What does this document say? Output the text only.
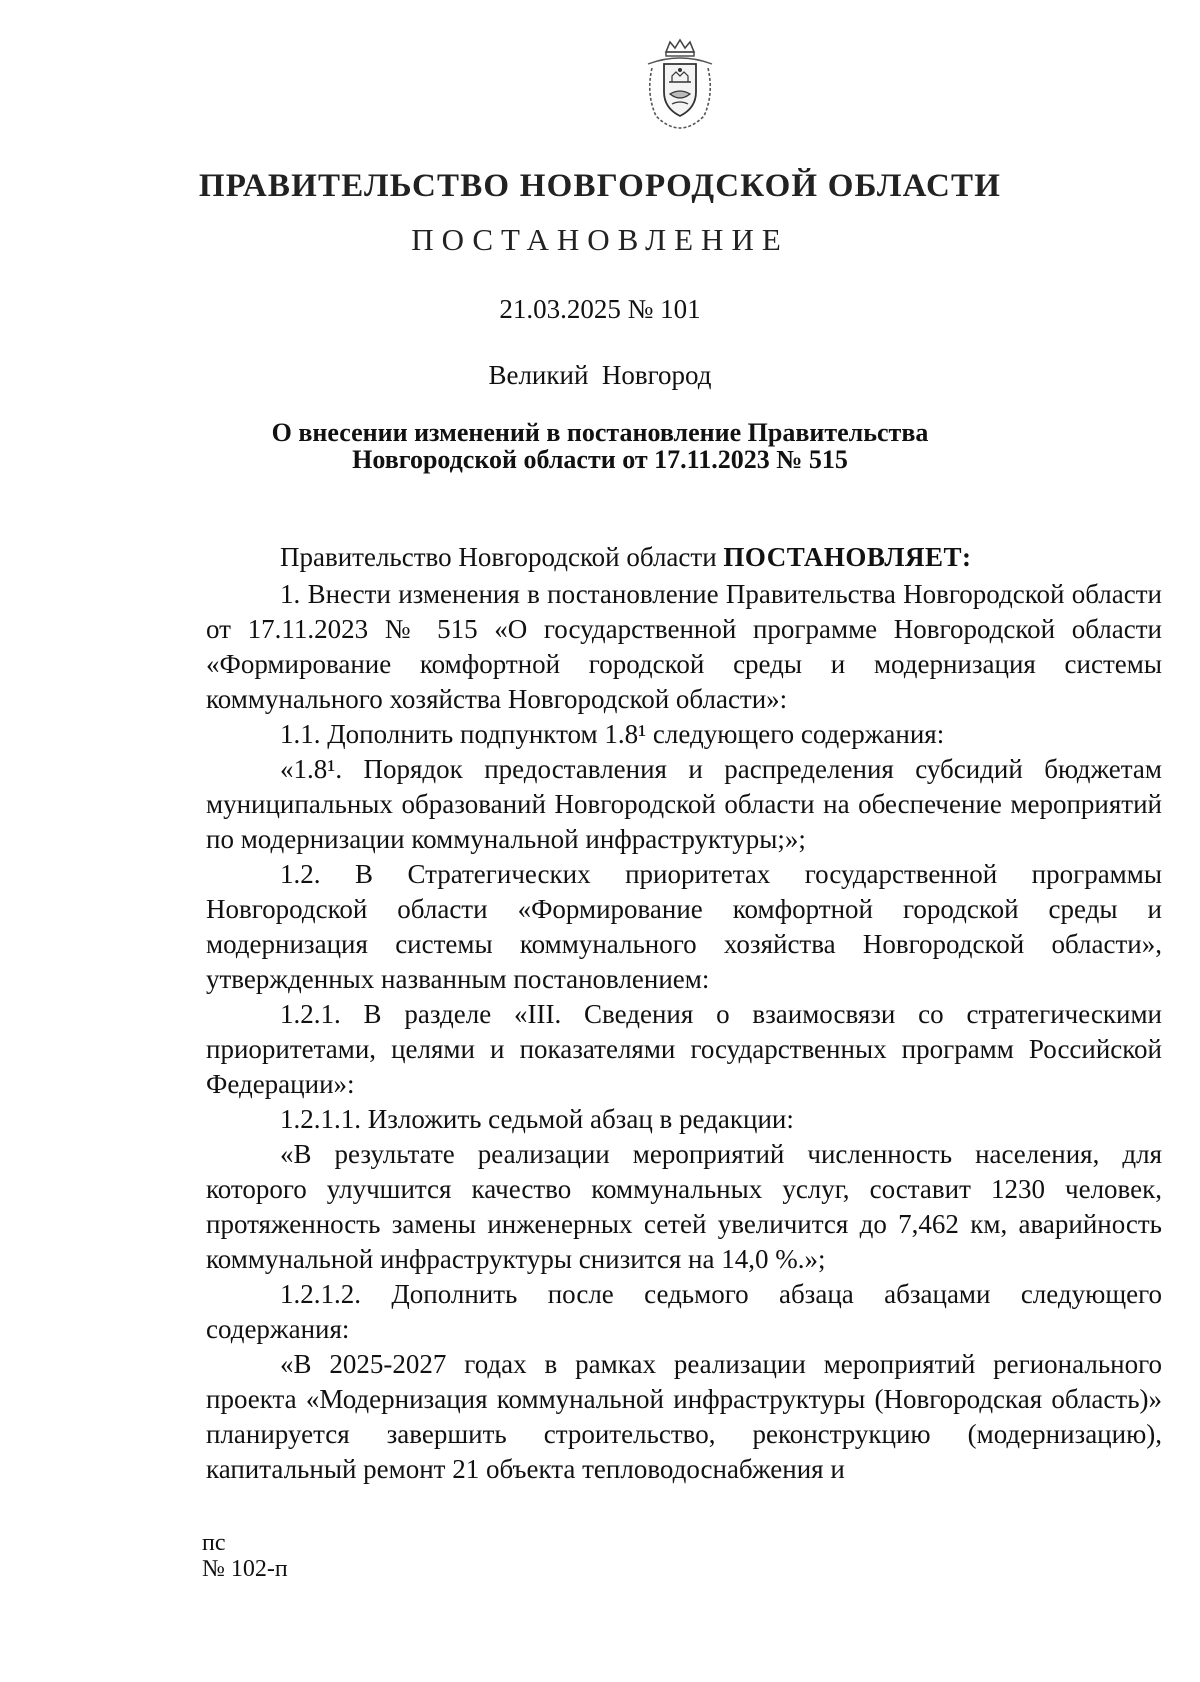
ПРАВИТЕЛЬСТВО НОВГОРОДСКОЙ ОБЛАСТИ
ПОСТАНОВЛЕНИЕ
21.03.2025 № 101
Великий  Новгород
О внесении изменений в постановление Правительства
Новгородской области от 17.11.2023 № 515

Правительство Новгородской области ПОСТАНОВЛЯЕТ:

1. Внести изменения в постановление Правительства Новгородской области от 17.11.2023 № 515 «О государственной программе Новгородской области «Формирование комфортной городской среды и модернизация системы коммунального хозяйства Новгородской области»:

1.1. Дополнить подпунктом 1.8¹ следующего содержания:

«1.8¹. Порядок предоставления и распределения субсидий бюджетам муниципальных образований Новгородской области на обеспечение мероприятий по модернизации коммунальной инфраструктуры;»;

1.2. В Стратегических приоритетах государственной программы Новгородской области «Формирование комфортной городской среды и модернизация системы коммунального хозяйства Новгородской области», утвержденных названным постановлением:

1.2.1. В разделе «III. Сведения о взаимосвязи со стратегическими приоритетами, целями и показателями государственных программ Российской Федерации»:

1.2.1.1. Изложить седьмой абзац в редакции:

«В результате реализации мероприятий численность населения, для которого улучшится качество коммунальных услуг, составит 1230 человек, протяженность замены инженерных сетей увеличится до 7,462 км, аварийность коммунальной инфраструктуры снизится на 14,0 %.»;

1.2.1.2. Дополнить после седьмого абзаца абзацами следующего содержания:

«В 2025-2027 годах в рамках реализации мероприятий регионального проекта «Модернизация коммунальной инфраструктуры (Новгородская область)» планируется завершить строительство, реконструкцию (модернизацию), капитальный ремонт 21 объекта тепловодоснабжения и

пс
№ 102-п
